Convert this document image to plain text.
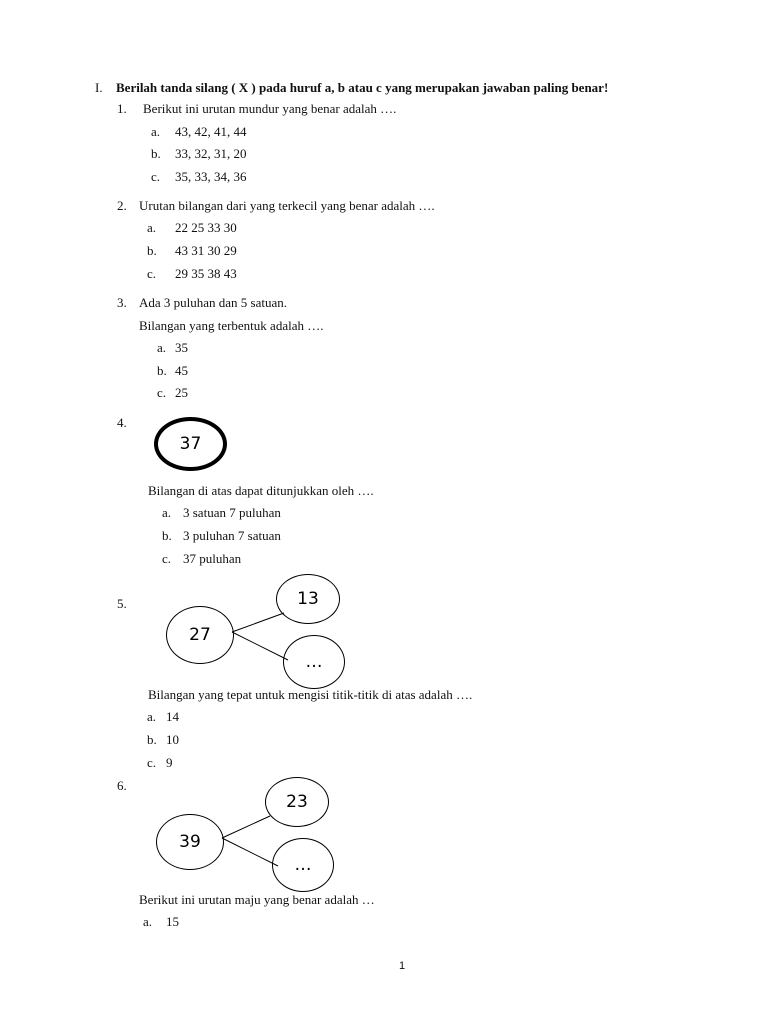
I. Berilah tanda silang ( X ) pada huruf a, b atau c yang merupakan jawaban paling benar!
1. Berikut ini urutan mundur yang benar adalah ….
a. 43, 42, 41, 44
b. 33, 32, 31, 20
c. 35, 33, 34, 36
2. Urutan bilangan dari yang terkecil yang benar adalah ….
a. 22 25 33 30
b. 43 31 30 29
c. 29 35 38 43
3. Ada 3 puluhan dan 5 satuan.
Bilangan yang terbentuk adalah ….
a. 35
b. 45
c. 25
4.
37
Bilangan di atas dapat ditunjukkan oleh ….
a. 3 satuan 7 puluhan
b. 3 puluhan 7 satuan
c. 37 puluhan
5.
27
13
…
Bilangan yang tepat untuk mengisi titik-titik di atas adalah ….
a. 14
b. 10
c. 9
6.
39
23
…
Berikut ini urutan maju yang benar adalah …
a. 15
1
